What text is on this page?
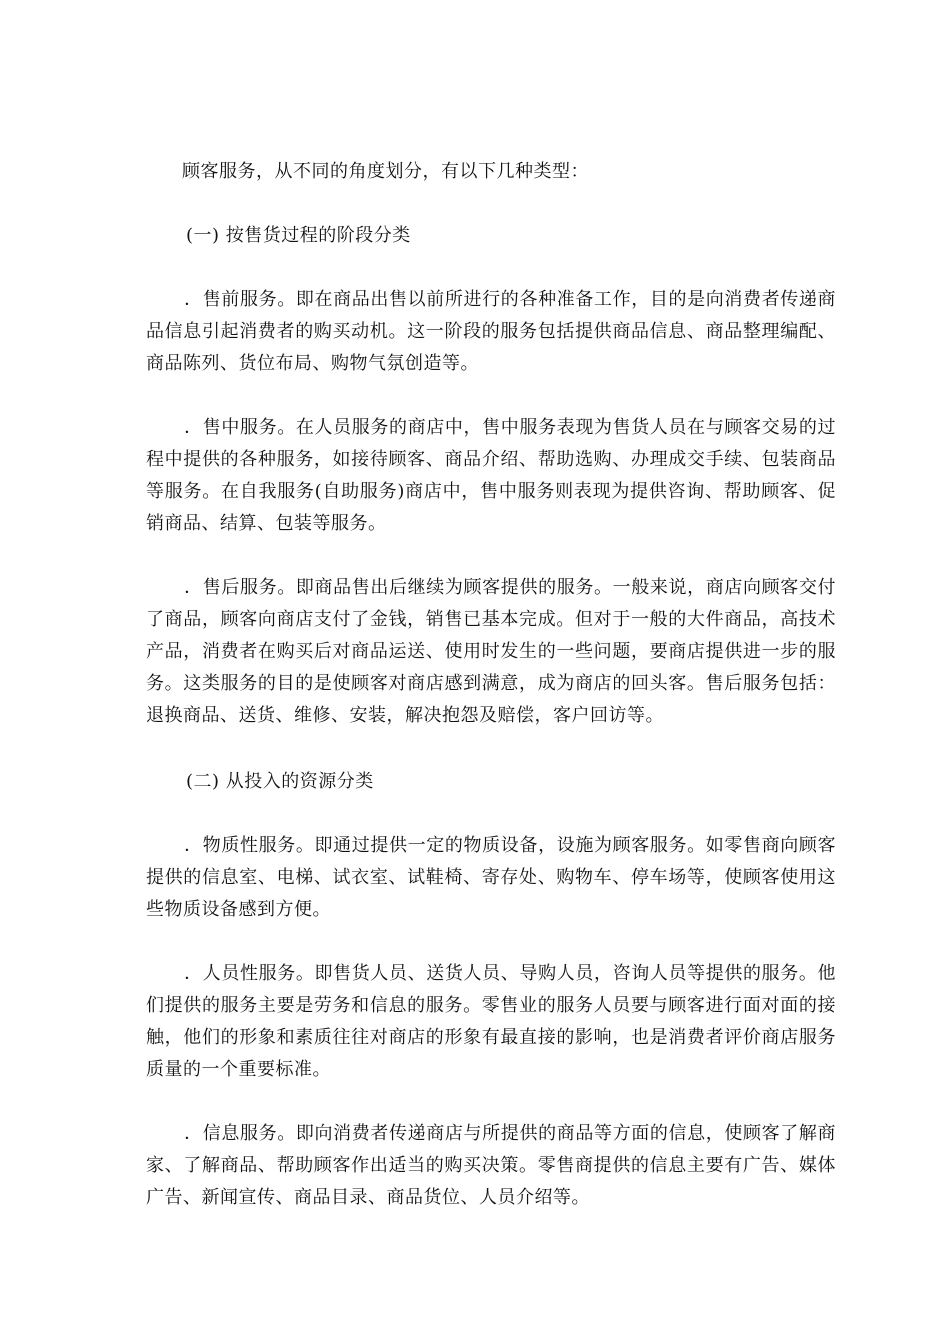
顾客服务，从不同的角度划分，有以下几种类型：

(一) 按售货过程的阶段分类

．售前服务。即在商品出售以前所进行的各种准备工作，目的是向消费者传递商品信息引起消费者的购买动机。这一阶段的服务包括提供商品信息、商品整理编配、商品陈列、货位布局、购物气氛创造等。

．售中服务。在人员服务的商店中，售中服务表现为售货人员在与顾客交易的过程中提供的各种服务，如接待顾客、商品介绍、帮助选购、办理成交手续、包装商品等服务。在自我服务(自助服务)商店中，售中服务则表现为提供咨询、帮助顾客、促销商品、结算、包装等服务。

．售后服务。即商品售出后继续为顾客提供的服务。一般来说，商店向顾客交付了商品，顾客向商店支付了金钱，销售已基本完成。但对于一般的大件商品，高技术产品，消费者在购买后对商品运送、使用时发生的一些问题，要商店提供进一步的服务。这类服务的目的是使顾客对商店感到满意，成为商店的回头客。售后服务包括：退换商品、送货、维修、安装，解决抱怨及赔偿，客户回访等。

(二) 从投入的资源分类

．物质性服务。即通过提供一定的物质设备，设施为顾客服务。如零售商向顾客提供的信息室、电梯、试衣室、试鞋椅、寄存处、购物车、停车场等，使顾客使用这些物质设备感到方便。

．人员性服务。即售货人员、送货人员、导购人员，咨询人员等提供的服务。他们提供的服务主要是劳务和信息的服务。零售业的服务人员要与顾客进行面对面的接触，他们的形象和素质往往对商店的形象有最直接的影响，也是消费者评价商店服务质量的一个重要标准。

．信息服务。即向消费者传递商店与所提供的商品等方面的信息，使顾客了解商家、了解商品、帮助顾客作出适当的购买决策。零售商提供的信息主要有广告、媒体广告、新闻宣传、商品目录、商品货位、人员介绍等。
